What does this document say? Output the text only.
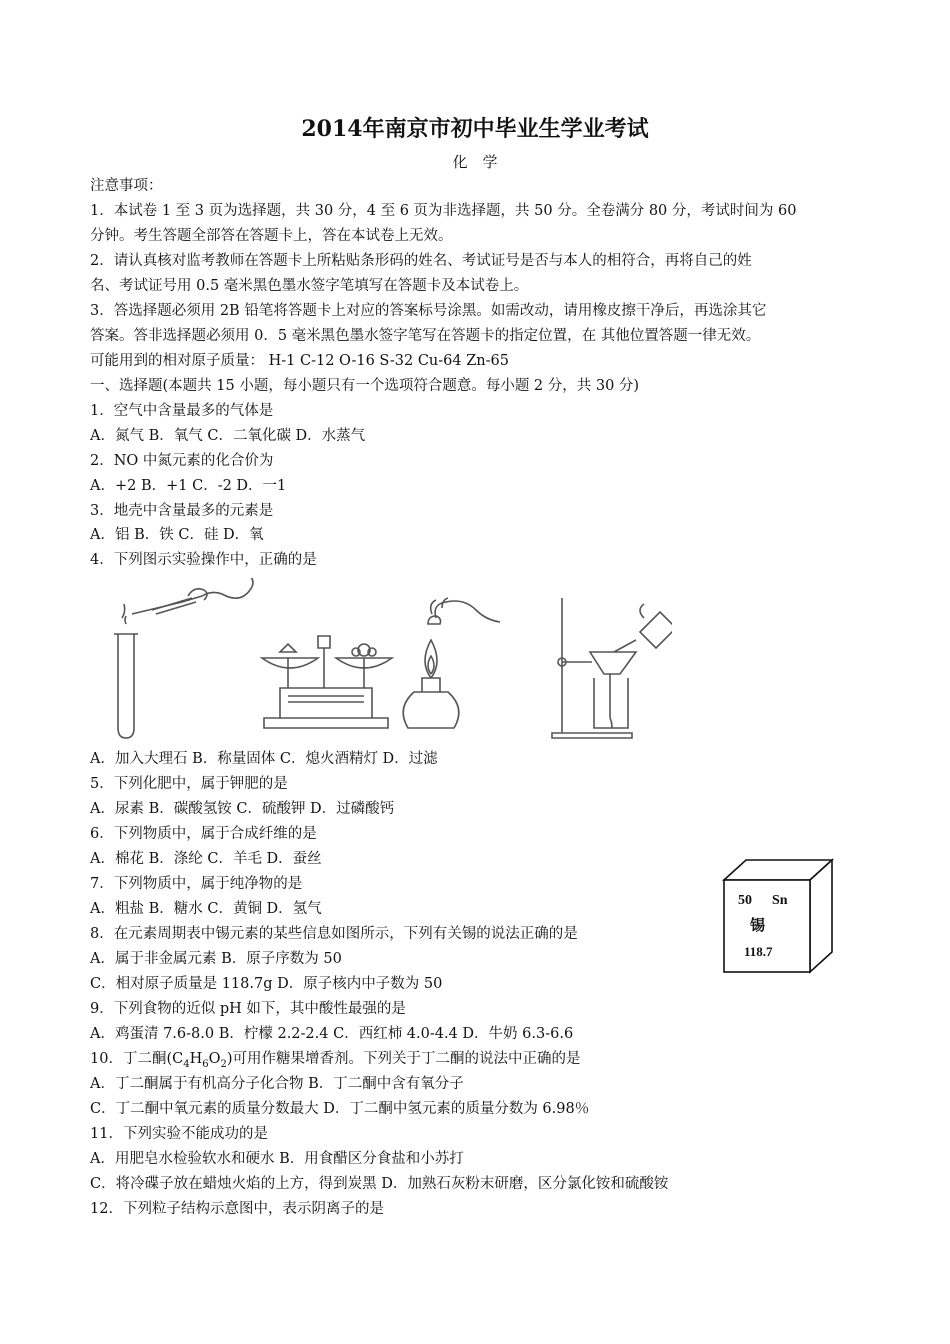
2014年南京市初中毕业生学业考试
化　学
注意事项：
1．本试卷 1 至 3 页为选择题，共 30 分，4 至 6 页为非选择题，共 50 分。全卷满分 80 分，考试时间为 60
分钟。考生答题全部答在答题卡上，答在本试卷上无效。
2．请认真核对监考教师在答题卡上所粘贴条形码的姓名、考试证号是否与本人的相符合，再将自己的姓
名、考试证号用 0.5 毫米黑色墨水签字笔填写在答题卡及本试卷上。
3．答选择题必须用 2B 铅笔将答题卡上对应的答案标号涂黑。如需改动，请用橡皮擦干净后，再选涂其它
答案。答非选择题必须用 0．5 毫米黑色墨水签字笔写在答题卡的指定位置，在 其他位置答题一律无效。
可能用到的相对原子质量： H-1 C-12 O-16 S-32 Cu-64 Zn-65
一、选择题(本题共 15 小题，每小题只有一个选项符合题意。每小题 2 分，共 30 分)
1．空气中含量最多的气体是
A．氮气 B．氧气 C．二氧化碳 D．水蒸气
2．NO 中氮元素的化合价为
A．+2 B．+1 C．-2 D．一1
3．地壳中含量最多的元素是
A．铝 B．铁 C．硅 D．氧
4．下列图示实验操作中，正确的是
A．加入大理石 B．称量固体 C．熄火酒精灯 D．过滤
5．下列化肥中，属于钾肥的是
A．尿素 B．碳酸氢铵 C．硫酸钾 D．过磷酸钙
6．下列物质中，属于合成纤维的是
A．棉花 B．涤纶 C．羊毛 D．蚕丝
7．下列物质中，属于纯净物的是
A．粗盐 B．糖水 C．黄铜 D．氢气
8．在元素周期表中锡元素的某些信息如图所示，下列有关锡的说法正确的是
A．属于非金属元素 B．原子序数为 50
C．相对原子质量是 118.7g D．原子核内中子数为 50
50 Sn
锡
118.7
9．下列食物的近似 pH 如下，其中酸性最强的是
A．鸡蛋清 7.6-8.0 B．柠檬 2.2-2.4 C．西红柿 4.0-4.4 D．牛奶 6.3-6.6
10．丁二酮$(C_4H_6O_2)$可用作糖果增香剂。下列关于丁二酮的说法中正确的是
A．丁二酮属于有机高分子化合物 B．丁二酮中含有氧分子
C．丁二酮中氧元素的质量分数最大 D．丁二酮中氢元素的质量分数为 6.98％
11．下列实验不能成功的是
A．用肥皂水检验软水和硬水 B．用食醋区分食盐和小苏打
C．将冷碟子放在蜡烛火焰的上方，得到炭黑 D．加熟石灰粉末研磨，区分氯化铵和硫酸铵
12．下列粒子结构示意图中，表示阴离子的是
